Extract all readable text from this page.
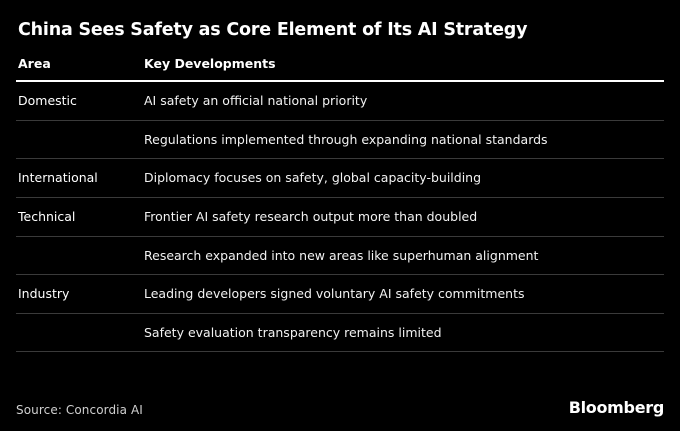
China Sees Safety as Core Element of Its AI Strategy
Area	Key Developments
Domestic	AI safety an official national priority
	Regulations implemented through expanding national standards
International	Diplomacy focuses on safety, global capacity-building
Technical	Frontier AI safety research output more than doubled
	Research expanded into new areas like superhuman alignment
Industry	Leading developers signed voluntary AI safety commitments
	Safety evaluation transparency remains limited
Source: Concordia AI	Bloomberg
